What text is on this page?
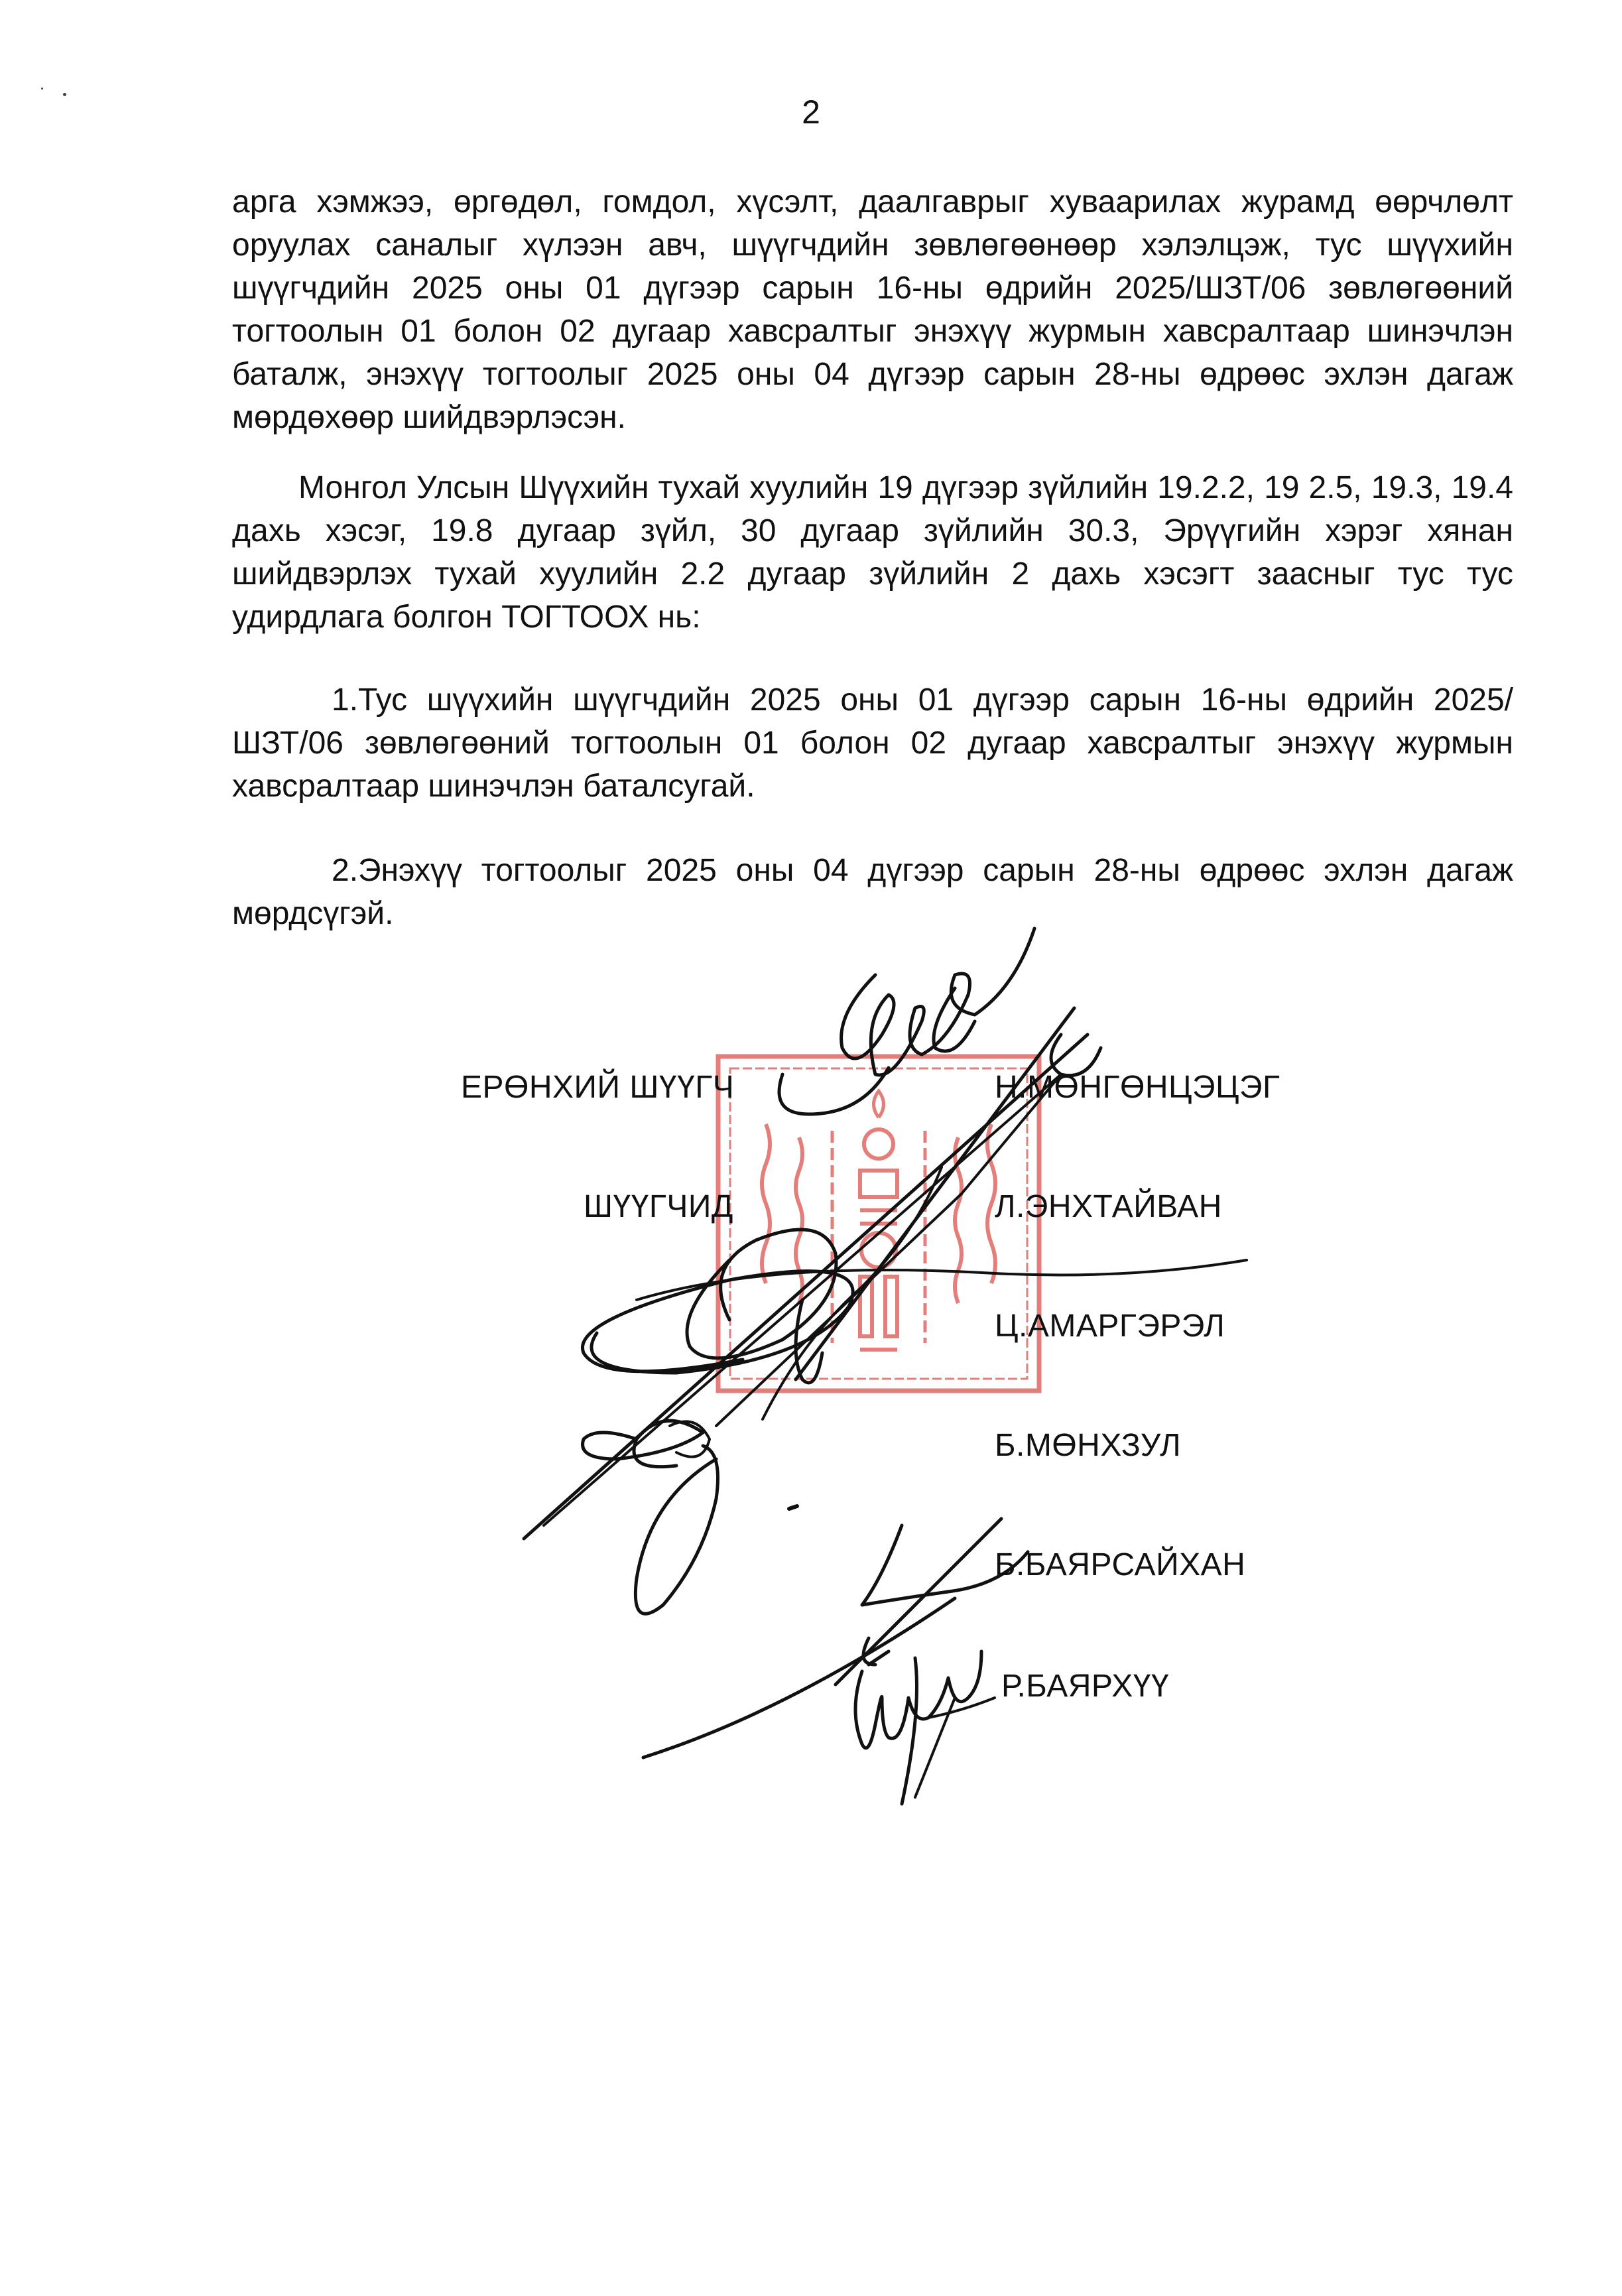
2

арга хэмжээ, өргөдөл, гомдол, хүсэлт, даалгаврыг хуваарилах журамд өөрчлөлт оруулах саналыг хүлээн авч, шүүгчдийн зөвлөгөөнөөр хэлэлцэж, тус шүүхийн шүүгчдийн 2025 оны 01 дүгээр сарын 16-ны өдрийн 2025/ШЗТ/06 зөвлөгөөний тогтоолын 01 болон 02 дугаар хавсралтыг энэхүү журмын хавсралтаар шинэчлэн баталж, энэхүү тогтоолыг 2025 оны 04 дүгээр сарын 28-ны өдрөөс эхлэн дагаж мөрдөхөөр шийдвэрлэсэн.

Монгол Улсын Шүүхийн тухай хуулийн 19 дүгээр зүйлийн 19.2.2, 19 2.5, 19.3, 19.4 дахь хэсэг, 19.8 дугаар зүйл, 30 дугаар зүйлийн 30.3, Эрүүгийн хэрэг хянан шийдвэрлэх тухай хуулийн 2.2 дугаар зүйлийн 2 дахь хэсэгт заасныг тус тус удирдлага болгон ТОГТООХ нь:

1.Тус шүүхийн шүүгчдийн 2025 оны 01 дүгээр сарын 16-ны өдрийн 2025/ШЗТ/06 зөвлөгөөний тогтоолын 01 болон 02 дугаар хавсралтыг энэхүү журмын хавсралтаар шинэчлэн баталсугай.

2.Энэхүү тогтоолыг 2025 оны 04 дүгээр сарын 28-ны өдрөөс эхлэн дагаж мөрдсүгэй.

ЕРӨНХИЙ ШҮҮГЧ
ШҮҮГЧИД
Н.МӨНГӨНЦЭЦЭГ
Л.ЭНХТАЙВАН
Ц.АМАРГЭРЭЛ
Б.МӨНХЗУЛ
Б.БАЯРСАЙХАН
Р.БАЯРХҮҮ
